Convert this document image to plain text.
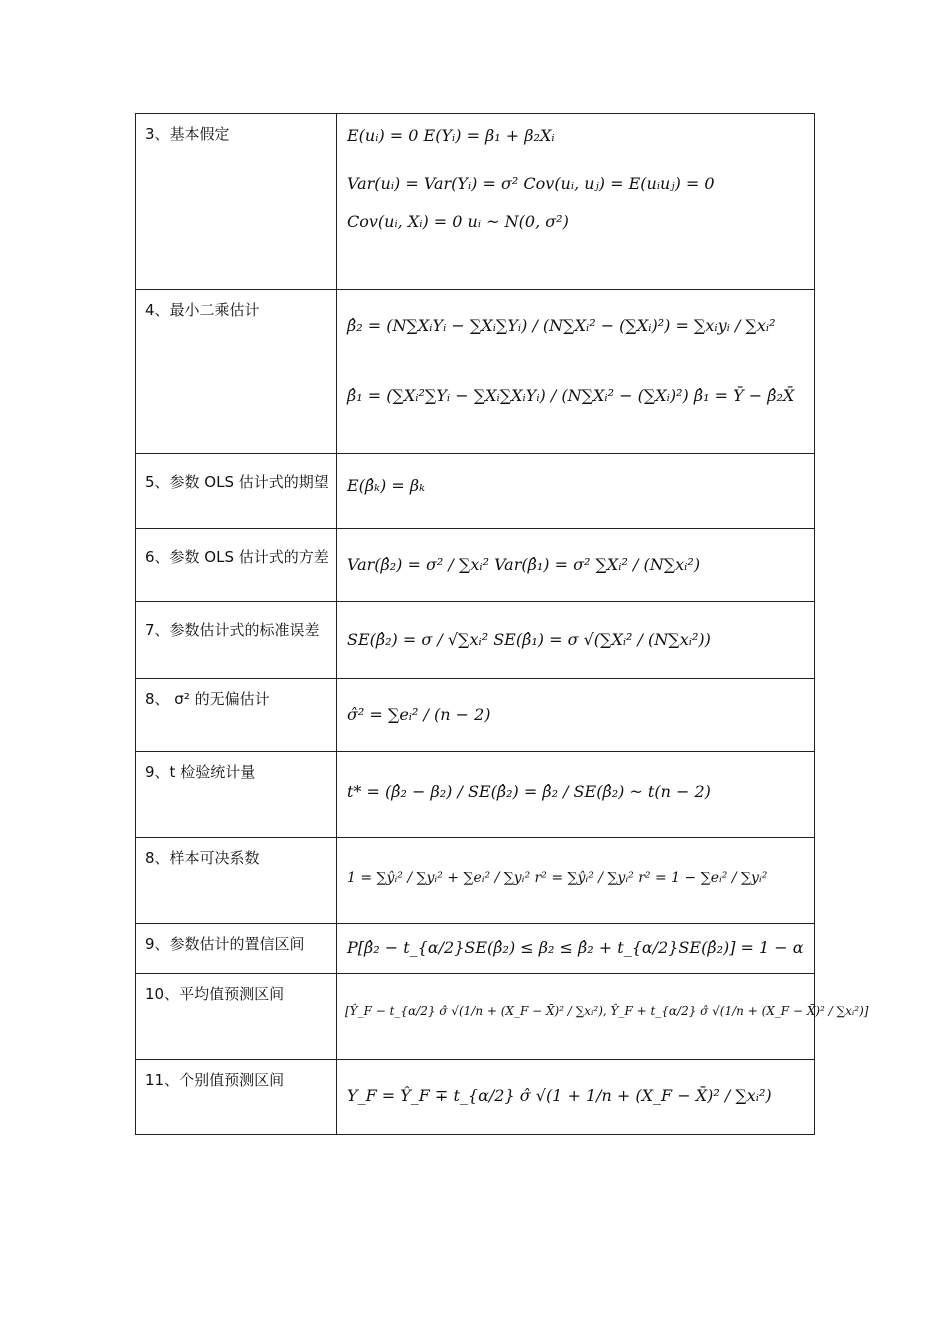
3、基本假定	E(uᵢ) = 0 E(Yᵢ) = β₁ + β₂Xᵢ
Var(uᵢ) = Var(Yᵢ) = σ² Cov(uᵢ, uⱼ) = E(uᵢuⱼ) = 0
Cov(uᵢ, Xᵢ) = 0 uᵢ ~ N(0, σ²)

4、最小二乘估计	β̂₂ = (N∑XᵢYᵢ − ∑Xᵢ∑Yᵢ) / (N∑Xᵢ² − (∑Xᵢ)²) = ∑xᵢyᵢ / ∑xᵢ²
β̂₁ = (∑Xᵢ²∑Yᵢ − ∑Xᵢ∑XᵢYᵢ) / (N∑Xᵢ² − (∑Xᵢ)²) β̂₁ = Ȳ − β̂₂X̄

5、参数 OLS 估计式的期望	E(β̂ₖ) = βₖ

6、参数 OLS 估计式的方差	Var(β̂₂) = σ² / ∑xᵢ² Var(β̂₁) = σ² ∑Xᵢ² / (N∑xᵢ²)

7、参数估计式的标准误差	SE(β̂₂) = σ / √∑xᵢ² SE(β̂₁) = σ √(∑Xᵢ² / (N∑xᵢ²))

8、 σ² 的无偏估计	σ̂² = ∑eᵢ² / (n − 2)

9、t 检验统计量	t* = (β̂₂ − β₂) / SE(β̂₂) = β̂₂ / SE(β̂₂) ~ t(n − 2)

8、样本可决系数	1 = ∑ŷᵢ² / ∑yᵢ² + ∑eᵢ² / ∑yᵢ² r² = ∑ŷᵢ² / ∑yᵢ² r² = 1 − ∑eᵢ² / ∑yᵢ²

9、参数估计的置信区间	P[β̂₂ − t_{α/2}SE(β̂₂) ≤ β₂ ≤ β̂₂ + t_{α/2}SE(β̂₂)] = 1 − α

10、平均值预测区间	[Ŷ_F − t_{α/2} σ̂ √(1/n + (X_F − X̄)² / ∑xᵢ²), Ŷ_F + t_{α/2} σ̂ √(1/n + (X_F − X̄)² / ∑xᵢ²)]

11、个别值预测区间	Y_F = Ŷ_F ∓ t_{α/2} σ̂ √(1 + 1/n + (X_F − X̄)² / ∑xᵢ²)
